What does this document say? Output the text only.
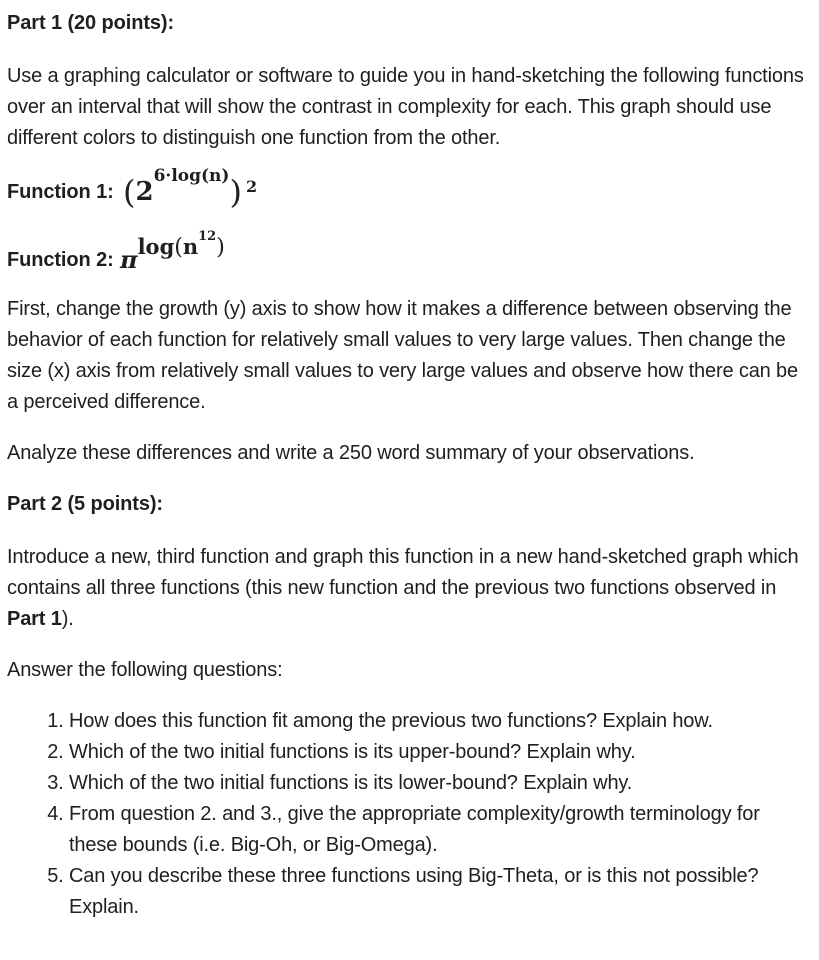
Part 1 (20 points):

Use a graphing calculator or software to guide you in hand-sketching the following functions over an interval that will show the contrast in complexity for each. This graph should use different colors to distinguish one function from the other.

Function 1: $(2^{6\cdot log(n)})$ $^2$
Function 2: $\pi\log(n^{12})$

First, change the growth (y) axis to show how it makes a difference between observing the behavior of each function for relatively small values to very large values. Then change the size (x) axis from relatively small values to very large values and observe how there can be a perceived difference.

Analyze these differences and write a 250 word summary of your observations.

Part 2 (5 points):

Introduce a new, third function and graph this function in a new hand-sketched graph which contains all three functions (this new function and the previous two functions observed in Part 1).

Answer the following questions:

1. How does this function fit among the previous two functions? Explain how.
2. Which of the two initial functions is its upper-bound? Explain why.
3. Which of the two initial functions is its lower-bound? Explain why.
4. From question 2. and 3., give the appropriate complexity/growth terminology for these bounds (i.e. Big-Oh, or Big-Omega).
5. Can you describe these three functions using Big-Theta, or is this not possible? Explain.
